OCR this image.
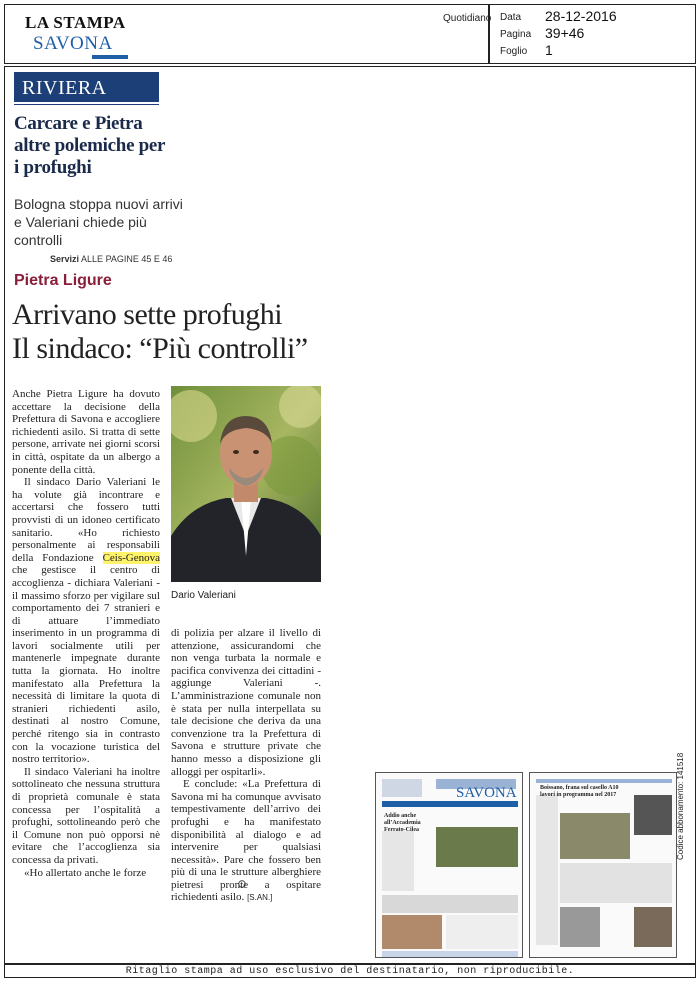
LA STAMPA
SAVONA
Quotidiano Data 28-12-2016
Pagina 39+46
Foglio 1
RIVIERA
Carcare e Pietra altre polemiche per i profughi
Bologna stoppa nuovi arrivi e Valeriani chiede più controlli
Servizi ALLE PAGINE 45 E 46
Pietra Ligure
Arrivano sette profughi
Il sindaco: “Più controlli”

Anche Pietra Ligure ha dovuto accettare la decisione della Prefettura di Savona e accogliere richiedenti asilo. Si tratta di sette persone, arrivate nei giorni scorsi in città, ospitate da un albergo a ponente della città.

Il sindaco Dario Valeriani le ha volute già incontrare e accertarsi che fossero tutti provvisti di un idoneo certificato sanitario. «Ho richiesto personalmente ai responsabili della Fondazione Ceis-Genova che gestisce il centro di accoglienza - dichiara Valeriani - il massimo sforzo per vigilare sul comportamento dei 7 stranieri e di attuare l’immediato inserimento in un programma di lavori socialmente utili per mantenerle impegnate durante tutta la giornata. Ho inoltre manifestato alla Prefettura la necessità di limitare la quota di stranieri richiedenti asilo, destinati al nostro Comune, perché ritengo sia in contrasto con la vocazione turistica del nostro territorio».

Il sindaco Valeriani ha inoltre sottolineato che nessuna struttura di proprietà comunale è stata concessa per l’ospitalità a profughi, sottolineando però che il Comune non può opporsi nè evitare che l’accoglienza sia concessa da privati.

«Ho allertato anche le forze

Dario Valeriani

di polizia per alzare il livello di attenzione, assicurandomi che non venga turbata la normale e pacifica convivenza dei cittadini - aggiunge Valeriani -. L’amministrazione comunale non è stata per nulla interpellata su tale decisione che deriva da una convenzione tra la Prefettura di Savona e strutture private che hanno messo a disposizione gli alloggi per ospitarli».

E conclude: «La Prefettura di Savona mi ha comunque avvisato tempestivamente dell’arrivo dei profughi e ha manifestato disponibilità al dialogo e ad intervenire per qualsiasi necessità». Pare che fossero ben più di una le strutture alberghiere pietresi pronte a ospitare richiedenti asilo. [S.AN.]

SAVONA
Addio anche all’Accademia Ferrato-Cilea
Boissano, frana sul casello A10 lavori in programma nel 2017	Codice abbonamento: 141518
Ritaglio stampa ad uso esclusivo del destinatario, non riproducibile.
